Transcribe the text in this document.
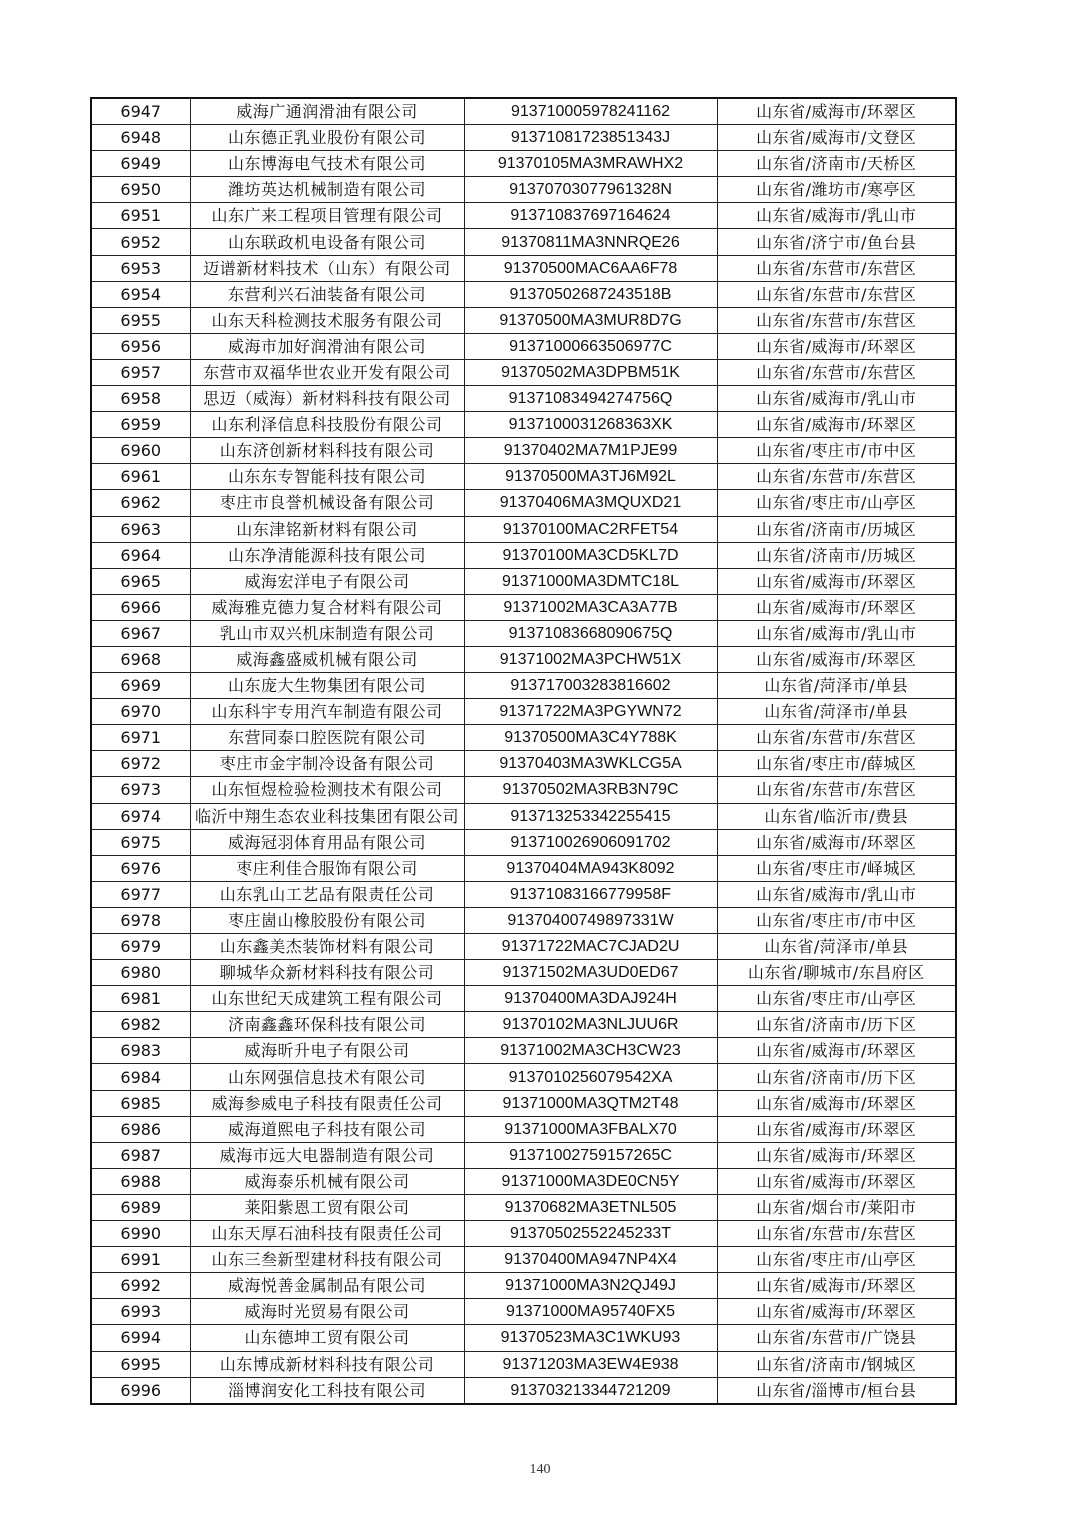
6947	威海广通润滑油有限公司	913710005978241162	山东省/威海市/环翠区
6948	山东德正乳业股份有限公司	91371081723851343J	山东省/威海市/文登区
6949	山东博海电气技术有限公司	91370105MA3MRAWHX2	山东省/济南市/天桥区
6950	潍坊英达机械制造有限公司	91370703077961328N	山东省/潍坊市/寒亭区
6951	山东广来工程项目管理有限公司	913710837697164624	山东省/威海市/乳山市
6952	山东联政机电设备有限公司	91370811MA3NNRQE26	山东省/济宁市/鱼台县
6953	迈谱新材料技术（山东）有限公司	91370500MAC6AA6F78	山东省/东营市/东营区
6954	东营利兴石油装备有限公司	91370502687243518B	山东省/东营市/东营区
6955	山东天科检测技术服务有限公司	91370500MA3MUR8D7G	山东省/东营市/东营区
6956	威海市加好润滑油有限公司	91371000663506977C	山东省/威海市/环翠区
6957	东营市双福华世农业开发有限公司	91370502MA3DPBM51K	山东省/东营市/东营区
6958	思迈（威海）新材料科技有限公司	91371083494274756Q	山东省/威海市/乳山市
6959	山东利泽信息科技股份有限公司	913710003126836​3XK	山东省/威海市/环翠区
6960	山东济创新材料科技有限公司	91370402MA7M1PJE99	山东省/枣庄市/市中区
6961	山东东专智能科技有限公司	91370500MA3TJ6M92L	山东省/东营市/东营区
6962	枣庄市良誉机械设备有限公司	91370406MA3MQUXD21	山东省/枣庄市/山亭区
6963	山东津铭新材料有限公司	91370100MAC2RFET54	山东省/济南市/历城区
6964	山东净清能源科技有限公司	91370100MA3CD5KL7D	山东省/济南市/历城区
6965	威海宏洋电子有限公司	91371000MA3DMTC18L	山东省/威海市/环翠区
6966	威海雅克德力复合材料有限公司	91371002MA3CA3A77B	山东省/威海市/环翠区
6967	乳山市双兴机床制造有限公司	91371083668090675Q	山东省/威海市/乳山市
6968	威海鑫盛威机械有限公司	91371002MA3PCHW51X	山东省/威海市/环翠区
6969	山东庞大生物集团有限公司	913717003283816602	山东省/菏泽市/单县
6970	山东科宇专用汽车制造有限公司	91371722MA3PGYWN72	山东省/菏泽市/单县
6971	东营同泰口腔医院有限公司	91370500MA3C4Y788K	山东省/东营市/东营区
6972	枣庄市金宇制冷设备有限公司	91370403MA3WKLCG5A	山东省/枣庄市/薛城区
6973	山东恒煜检验检测技术有限公司	91370502MA3RB3N79C	山东省/东营市/东营区
6974	临沂中翔生态农业科技集团有限公司	913713253342255415	山东省/临沂市/费县
6975	威海冠羽体育用品有限公司	913710026906091702	山东省/威海市/环翠区
6976	枣庄利佳合服饰有限公司	91370404MA943K8092	山东省/枣庄市/峄城区
6977	山东乳山工艺品有限责任公司	91371083166779958F	山东省/威海市/乳山市
6978	枣庄崮山橡胶股份有限公司	91370400749897331W	山东省/枣庄市/市中区
6979	山东鑫美杰装饰材料有限公司	91371722MAC7CJAD2U	山东省/菏泽市/单县
6980	聊城华众新材料科技有限公司	91371502MA3UD0ED67	山东省/聊城市/东昌府区
6981	山东世纪天成建筑工程有限公司	91370400MA3DAJ924H	山东省/枣庄市/山亭区
6982	济南鑫鑫环保科技有限公司	91370102MA3NLJUU6R	山东省/济南市/历下区
6983	威海昕升电子有限公司	91371002MA3CH3CW23	山东省/威海市/环翠区
6984	山东网强信息技术有限公司	9137010256079542XA	山东省/济南市/历下区
6985	威海参威电子科技有限责任公司	91371000MA3QTM2T48	山东省/威海市/环翠区
6986	威海道熙电子科技有限公司	91371000MA3FBALX70	山东省/威海市/环翠区
6987	威海市远大电器制造有限公司	91371002759157265C	山东省/威海市/环翠区
6988	威海泰乐机械有限公司	91371000MA3DE0CN5Y	山东省/威海市/环翠区
6989	莱阳紫恩工贸有限公司	91370682MA3ETNL505	山东省/烟台市/莱阳市
6990	山东天厚石油科技有限责任公司	91370502552245233T	山东省/东营市/东营区
6991	山东三叁新型建材科技有限公司	91370400MA947NP4X4	山东省/枣庄市/山亭区
6992	威海悦善金属制品有限公司	91371000MA3N2QJ49J	山东省/威海市/环翠区
6993	威海时光贸易有限公司	91371000MA95740FX5	山东省/威海市/环翠区
6994	山东德坤工贸有限公司	91370523MA3C1WKU93	山东省/东营市/广饶县
6995	山东博成新材料科技有限公司	91371203MA3EW4E938	山东省/济南市/钢城区
6996	淄博润安化工科技有限公司	913703213344721209	山东省/淄博市/桓台县
140
